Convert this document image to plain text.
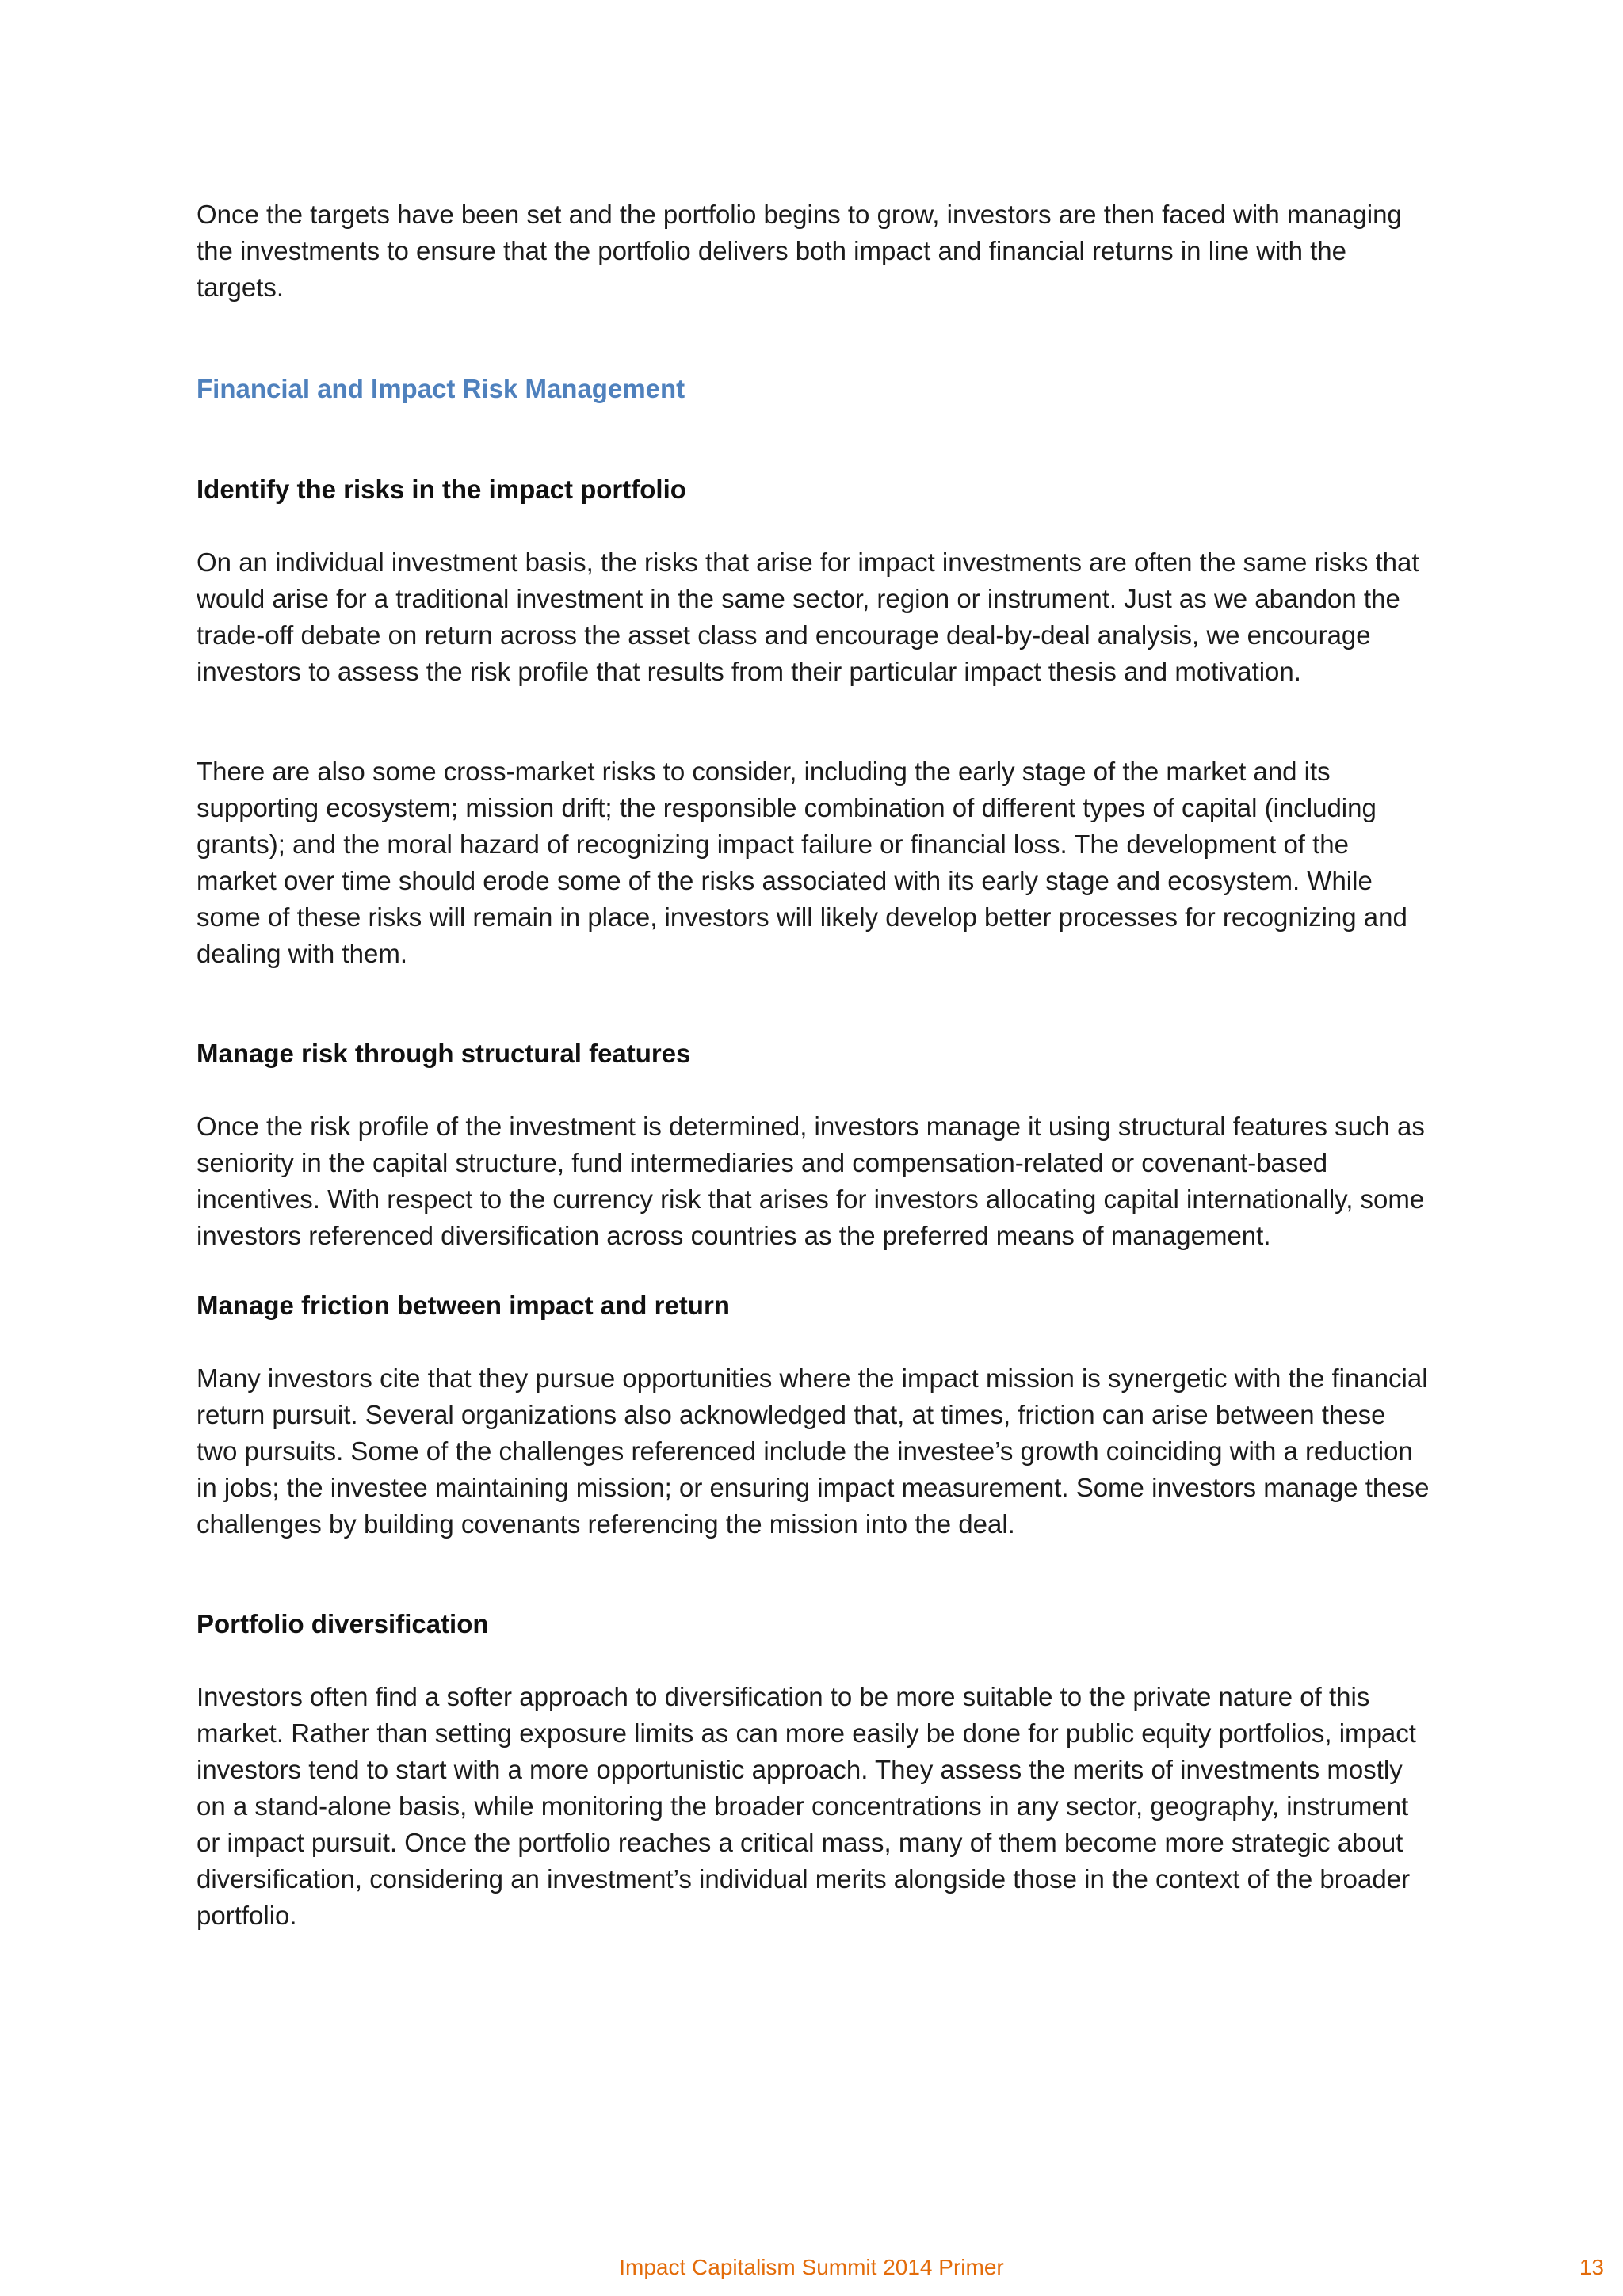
Once the targets have been set and the portfolio begins to grow, investors are then faced with managing the investments to ensure that the portfolio delivers both impact and financial returns in line with the targets.

Financial and Impact Risk Management
Identify the risks in the impact portfolio

On an individual investment basis, the risks that arise for impact investments are often the same risks that would arise for a traditional investment in the same sector, region or instrument. Just as we abandon the trade-off debate on return across the asset class and encourage deal-by-deal analysis, we encourage investors to assess the risk profile that results from their particular impact thesis and motivation.

There are also some cross-market risks to consider, including the early stage of the market and its supporting ecosystem; mission drift; the responsible combination of different types of capital (including grants); and the moral hazard of recognizing impact failure or financial loss. The development of the market over time should erode some of the risks associated with its early stage and ecosystem. While some of these risks will remain in place, investors will likely develop better processes for recognizing and dealing with them.

Manage risk through structural features

Once the risk profile of the investment is determined, investors manage it using structural features such as seniority in the capital structure, fund intermediaries and compensation-related or covenant-based incentives. With respect to the currency risk that arises for investors allocating capital internationally, some investors referenced diversification across countries as the preferred means of management.

Manage friction between impact and return

Many investors cite that they pursue opportunities where the impact mission is synergetic with the financial return pursuit. Several organizations also acknowledged that, at times, friction can arise between these two pursuits. Some of the challenges referenced include the investee’s growth coinciding with a reduction in jobs; the investee maintaining mission; or ensuring impact measurement. Some investors manage these challenges by building covenants referencing the mission into the deal.

Portfolio diversification

Investors often find a softer approach to diversification to be more suitable to the private nature of this market. Rather than setting exposure limits as can more easily be done for public equity portfolios, impact investors tend to start with a more opportunistic approach. They assess the merits of investments mostly on a stand-alone basis, while monitoring the broader concentrations in any sector, geography, instrument or impact pursuit. Once the portfolio reaches a critical mass, many of them become more strategic about diversification, considering an investment’s individual merits alongside those in the context of the broader portfolio.

Impact Capitalism Summit 2014 Primer	13
